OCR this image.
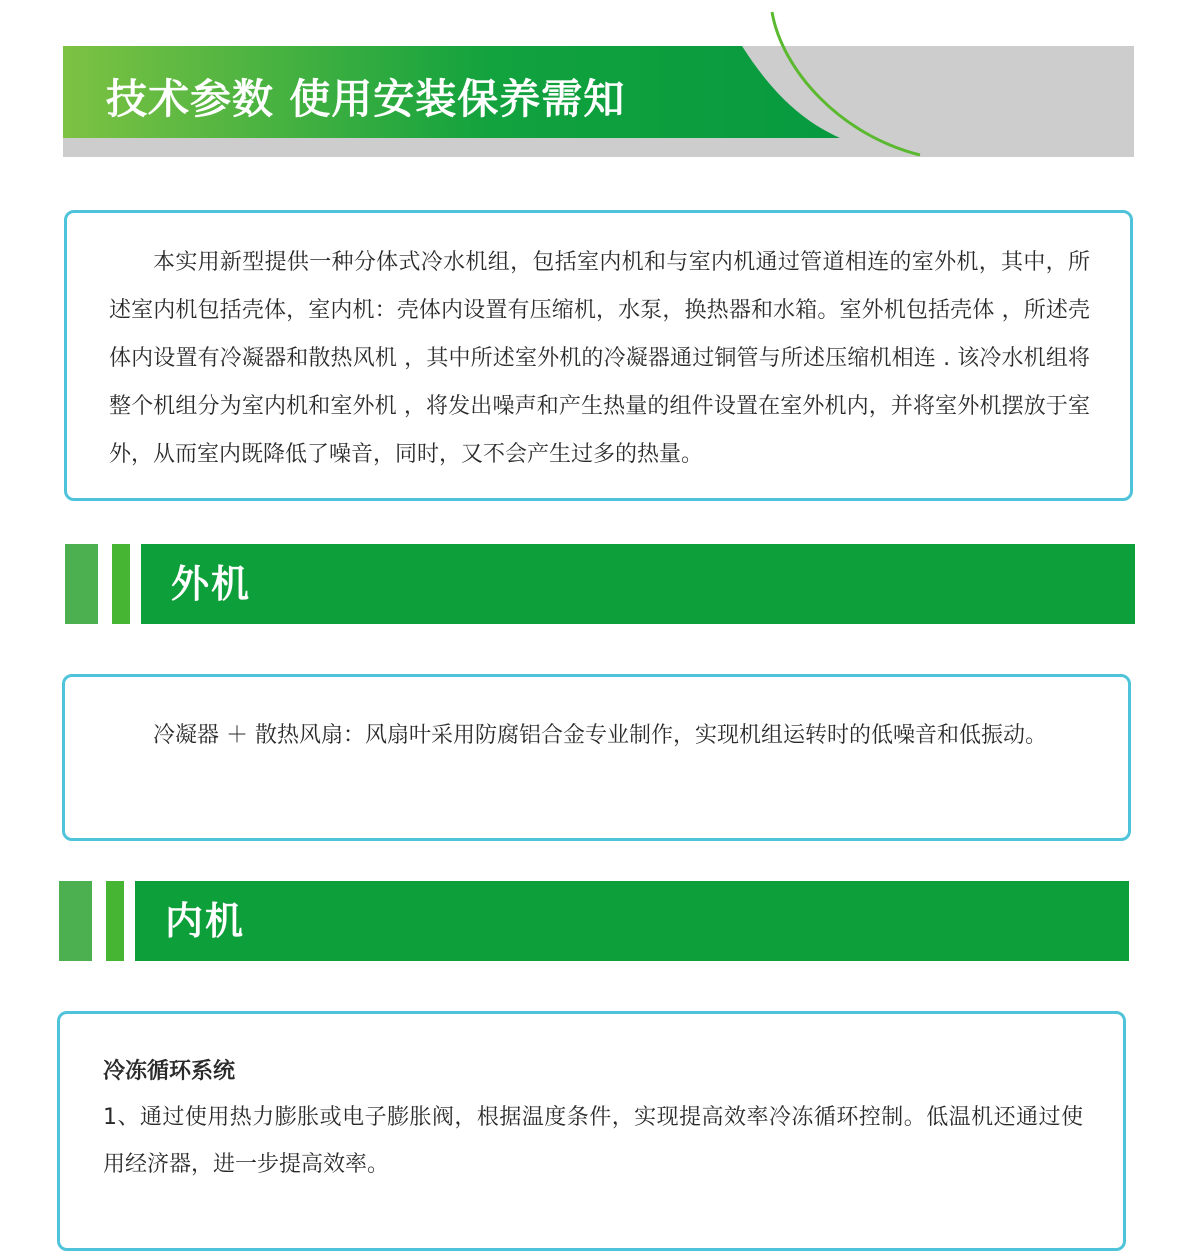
技术参数 使用安装保养需知

本实用新型提供一种分体式冷水机组，包括室内机和与室内机通过管道相连的室外机，其中，所述室内机包括壳体，室内机：壳体内设置有压缩机，水泵，换热器和水箱。室外机包括壳体 ，所述壳体内设置有冷凝器和散热风机 ，其中所述室外机的冷凝器通过铜管与所述压缩机相连 . 该冷水机组将整个机组分为室内机和室外机 ，将发出噪声和产生热量的组件设置在室外机内，并将室外机摆放于室外，从而室内既降低了噪音，同时，又不会产生过多的热量。

外机

冷凝器 ＋ 散热风扇：风扇叶采用防腐铝合金专业制作，实现机组运转时的低噪音和低振动。

内机

冷冻循环系统

1、通过使用热力膨胀或电子膨胀阀，根据温度条件，实现提高效率冷冻循环控制。低温机还通过使用经济器，进一步提高效率。
